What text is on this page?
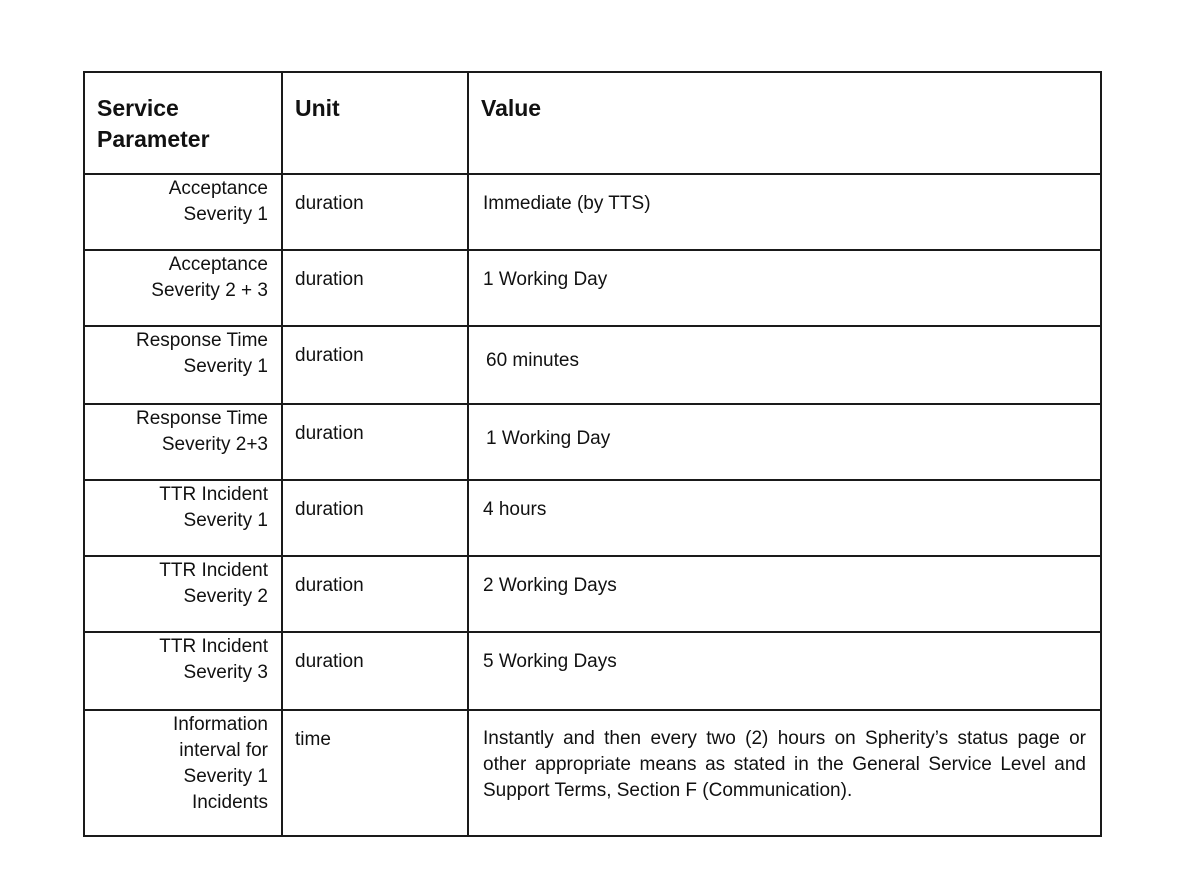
Service Parameter	Unit	Value

Acceptance
Severity 1	duration	Immediate (by TTS)

Acceptance
Severity 2 + 3	duration	1 Working Day

Response Time
Severity 1	duration	60 minutes

Response Time
Severity 2+3	duration	1 Working Day

TTR Incident
Severity 1	duration	4 hours

TTR Incident
Severity 2	duration	2 Working Days

TTR Incident
Severity 3	duration	5 Working Days

Information
interval for
Severity 1
Incidents	time	Instantly and then every two (2) hours on Spherity’s status page or other appropriate means as stated in the General Service Level and Support Terms, Section F (Communication).
